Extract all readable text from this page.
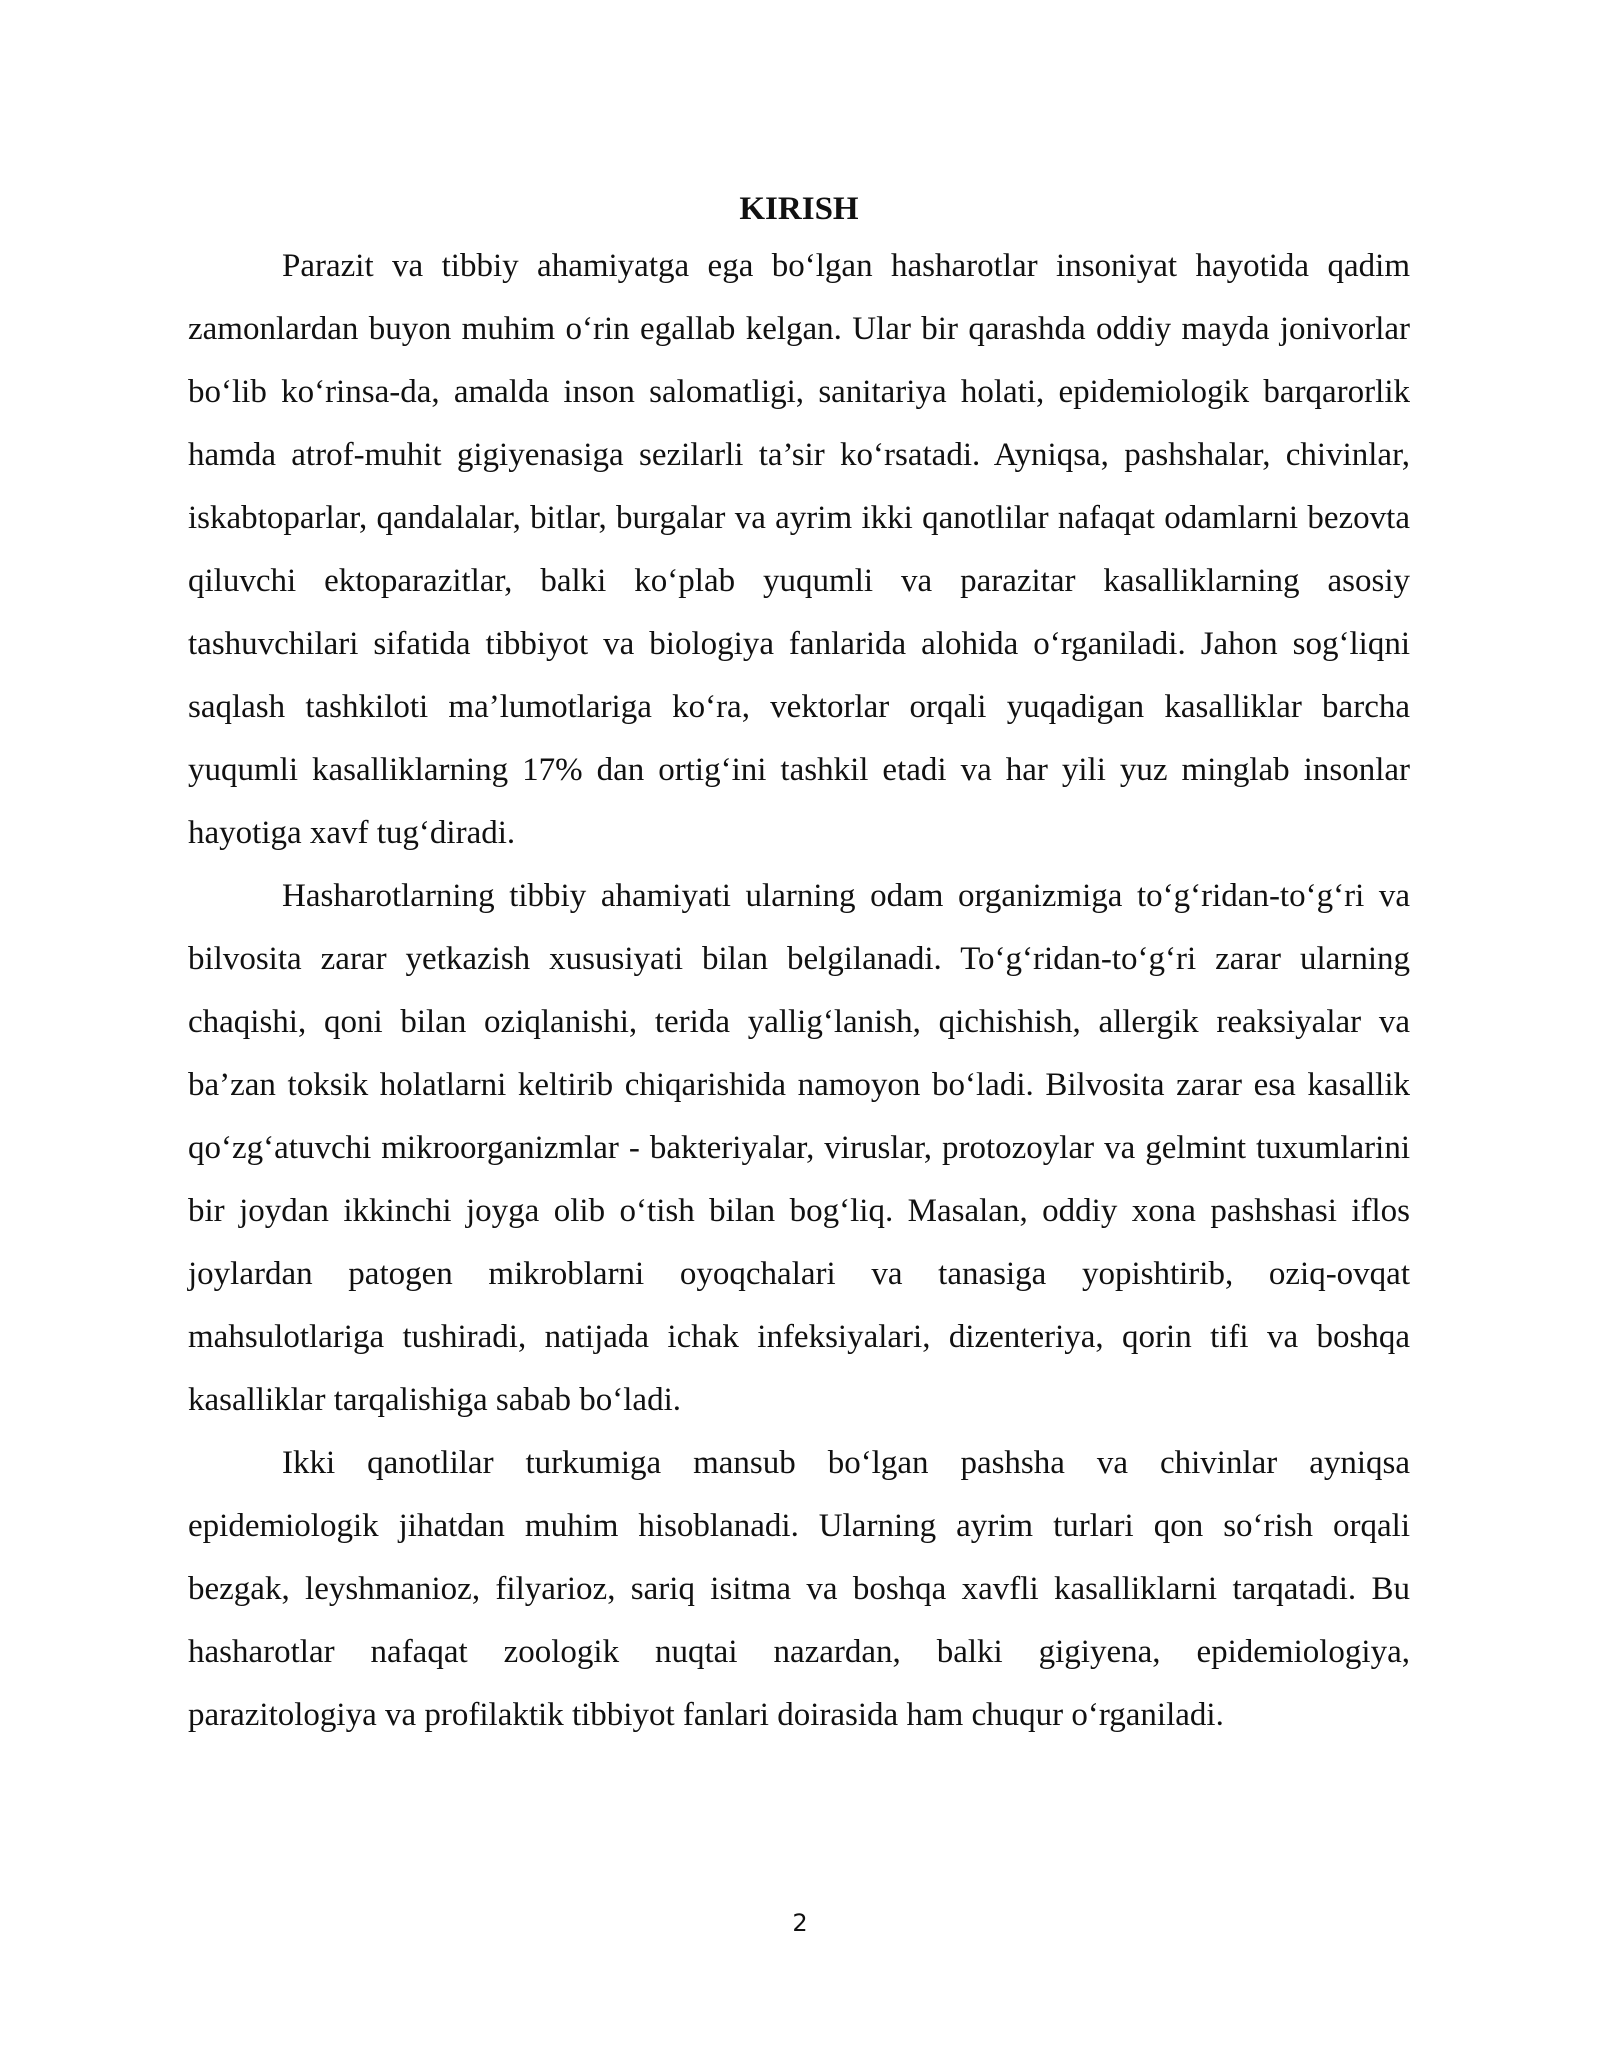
KIRISH

Parazit va tibbiy ahamiyatga ega bo‘lgan hasharotlar insoniyat hayotida qadim zamonlardan buyon muhim o‘rin egallab kelgan. Ular bir qarashda oddiy mayda jonivorlar bo‘lib ko‘rinsa-da, amalda inson salomatligi, sanitariya holati, epidemiologik barqarorlik hamda atrof-muhit gigiyenasiga sezilarli ta’sir ko‘rsatadi. Ayniqsa, pashshalar, chivinlar, iskabtoparlar, qandalalar, bitlar, burgalar va ayrim ikki qanotlilar nafaqat odamlarni bezovta qiluvchi ektoparazitlar, balki ko‘plab yuqumli va parazitar kasalliklarning asosiy tashuvchilari sifatida tibbiyot va biologiya fanlarida alohida o‘rganiladi. Jahon sog‘liqni saqlash tashkiloti ma’lumotlariga ko‘ra, vektorlar orqali yuqadigan kasalliklar barcha yuqumli kasalliklarning 17% dan ortig‘ini tashkil etadi va har yili yuz minglab insonlar hayotiga xavf tug‘diradi.

Hasharotlarning tibbiy ahamiyati ularning odam organizmiga to‘g‘ridan-to‘g‘ri va bilvosita zarar yetkazish xususiyati bilan belgilanadi. To‘g‘ridan-to‘g‘ri zarar ularning chaqishi, qoni bilan oziqlanishi, terida yallig‘lanish, qichishish, allergik reaksiyalar va ba’zan toksik holatlarni keltirib chiqarishida namoyon bo‘ladi. Bilvosita zarar esa kasallik qo‘zg‘atuvchi mikroorganizmlar - bakteriyalar, viruslar, protozoylar va gelmint tuxumlarini bir joydan ikkinchi joyga olib o‘tish bilan bog‘liq. Masalan, oddiy xona pashshasi iflos joylardan patogen mikroblarni oyoqchalari va tanasiga yopishtirib, oziq-ovqat mahsulotlariga tushiradi, natijada ichak infeksiyalari, dizenteriya, qorin tifi va boshqa kasalliklar tarqalishiga sabab bo‘ladi.

Ikki qanotlilar turkumiga mansub bo‘lgan pashsha va chivinlar ayniqsa epidemiologik jihatdan muhim hisoblanadi. Ularning ayrim turlari qon so‘rish orqali bezgak, leyshmanioz, filyarioz, sariq isitma va boshqa xavfli kasalliklarni tarqatadi. Bu hasharotlar nafaqat zoologik nuqtai nazardan, balki gigiyena, epidemiologiya, parazitologiya va profilaktik tibbiyot fanlari doirasida ham chuqur o‘rganiladi.

2
